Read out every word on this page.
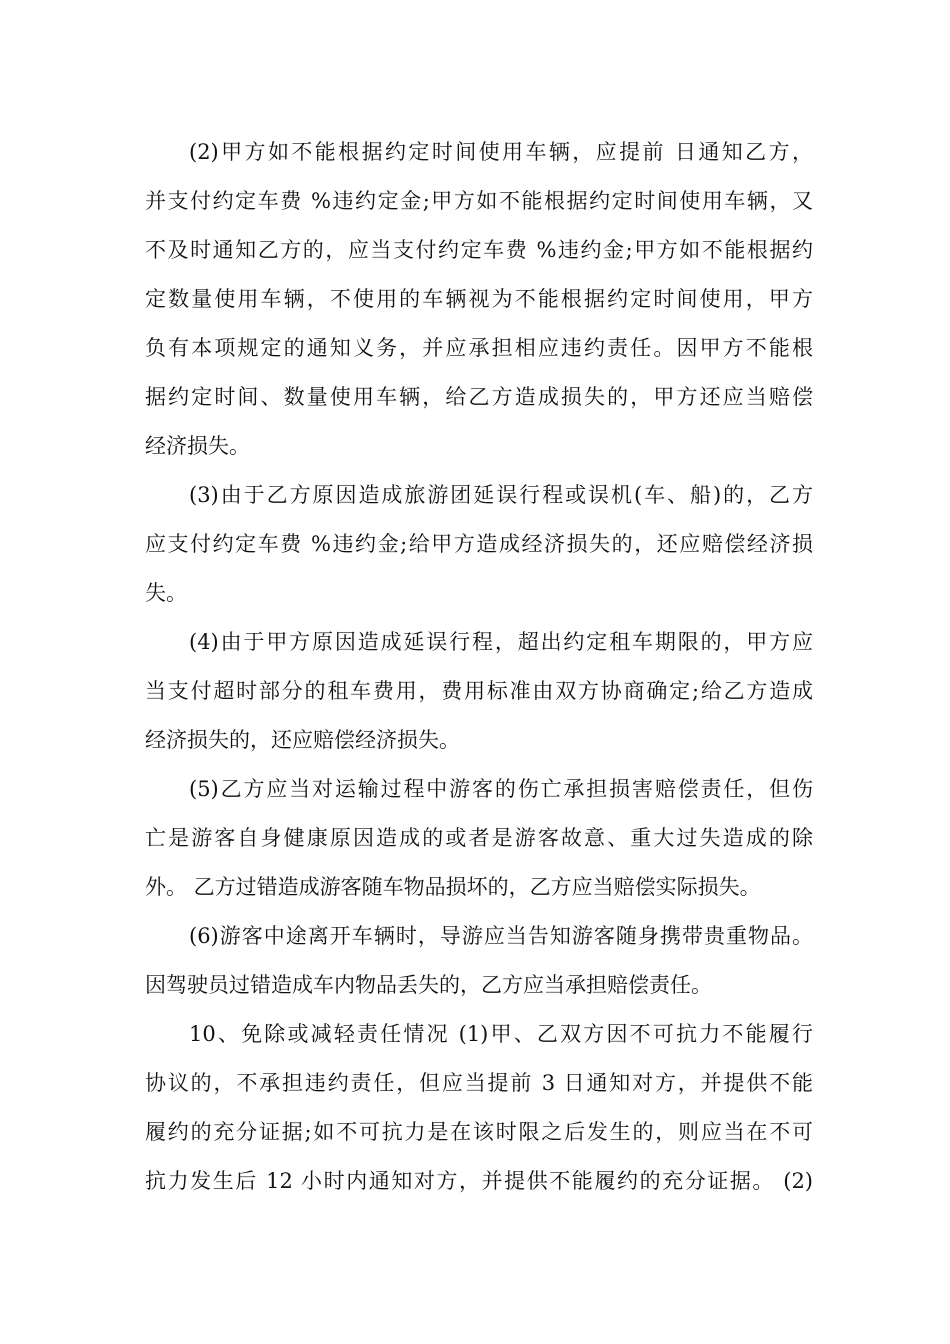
(2)甲方如不能根据约定时间使用车辆，应提前 日通知乙方，
并支付约定车费 %违约定金;甲方如不能根据约定时间使用车辆，又
不及时通知乙方的，应当支付约定车费 %违约金;甲方如不能根据约
定数量使用车辆，不使用的车辆视为不能根据约定时间使用，甲方
负有本项规定的通知义务，并应承担相应违约责任。因甲方不能根
据约定时间、数量使用车辆，给乙方造成损失的，甲方还应当赔偿
经济损失。
(3)由于乙方原因造成旅游团延误行程或误机(车、船)的，乙方
应支付约定车费 %违约金;给甲方造成经济损失的，还应赔偿经济损
失。
(4)由于甲方原因造成延误行程，超出约定租车期限的，甲方应
当支付超时部分的租车费用，费用标准由双方协商确定;给乙方造成
经济损失的，还应赔偿经济损失。
(5)乙方应当对运输过程中游客的伤亡承担损害赔偿责任，但伤
亡是游客自身健康原因造成的或者是游客故意、重大过失造成的除
外。 乙方过错造成游客随车物品损坏的，乙方应当赔偿实际损失。
(6)游客中途离开车辆时，导游应当告知游客随身携带贵重物品。
因驾驶员过错造成车内物品丢失的，乙方应当承担赔偿责任。
10、免除或减轻责任情况 (1)甲、乙双方因不可抗力不能履行
协议的，不承担违约责任，但应当提前 3 日通知对方，并提供不能
履约的充分证据;如不可抗力是在该时限之后发生的，则应当在不可
抗力发生后 12 小时内通知对方，并提供不能履约的充分证据。 (2)
